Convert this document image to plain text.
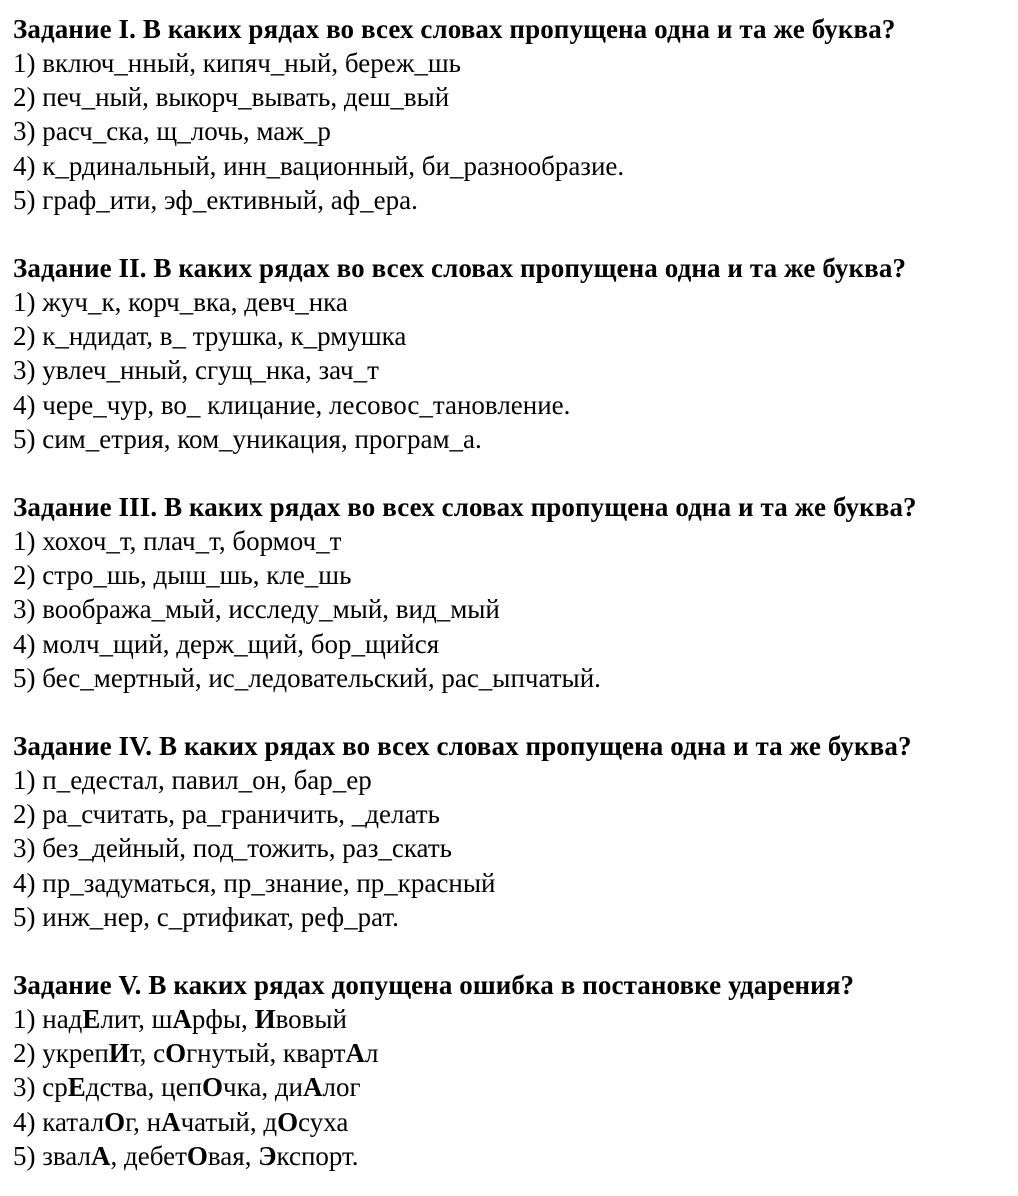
Задание I. В каких рядах во всех словах пропущена одна и та же буква?
1) включ_нный, кипяч_ный, береж_шь
2) печ_ный, выкорч_вывать, деш_вый
3) расч_ска, щ_лочь, маж_р
4) к_рдинальный, инн_вационный, би_разнообразие.
5) граф_ити, эф_ективный, аф_ера.
Задание II. В каких рядах во всех словах пропущена одна и та же буква?
1) жуч_к, корч_вка, девч_нка
2) к_ндидат, в_ трушка, к_рмушка
3) увлеч_нный, сгущ_нка, зач_т
4) чере_чур, во_ клицание, лесовос_тановление.
5) сим_етрия, ком_уникация, програм_а.
Задание III. В каких рядах во всех словах пропущена одна и та же буква?
1) хохоч_т, плач_т, бормоч_т
2) стро_шь, дыш_шь, кле_шь
3) вообража_мый, исследу_мый, вид_мый
4) молч_щий, держ_щий, бор_щийся
5) бес_мертный, ис_ледовательский, рас_ыпчатый.
Задание IV. В каких рядах во всех словах пропущена одна и та же буква?
1) п_едестал, павил_он, бар_ер
2) ра_считать, ра_граничить, _делать
3) без_дейный, под_тожить, раз_скать
4) пр_задуматься, пр_знание, пр_красный
5) инж_нер, с_ртификат, реф_рат.
Задание V. В каких рядах допущена ошибка в постановке ударения?
1) надЕлит, шАрфы, Ивовый
2) укрепИт, сОгнутый, квартАл
3) срЕдства, цепОчка, диАлог
4) каталОг, нАчатый, дОсуха
5) звалА, дебетОвая, Экспорт.
